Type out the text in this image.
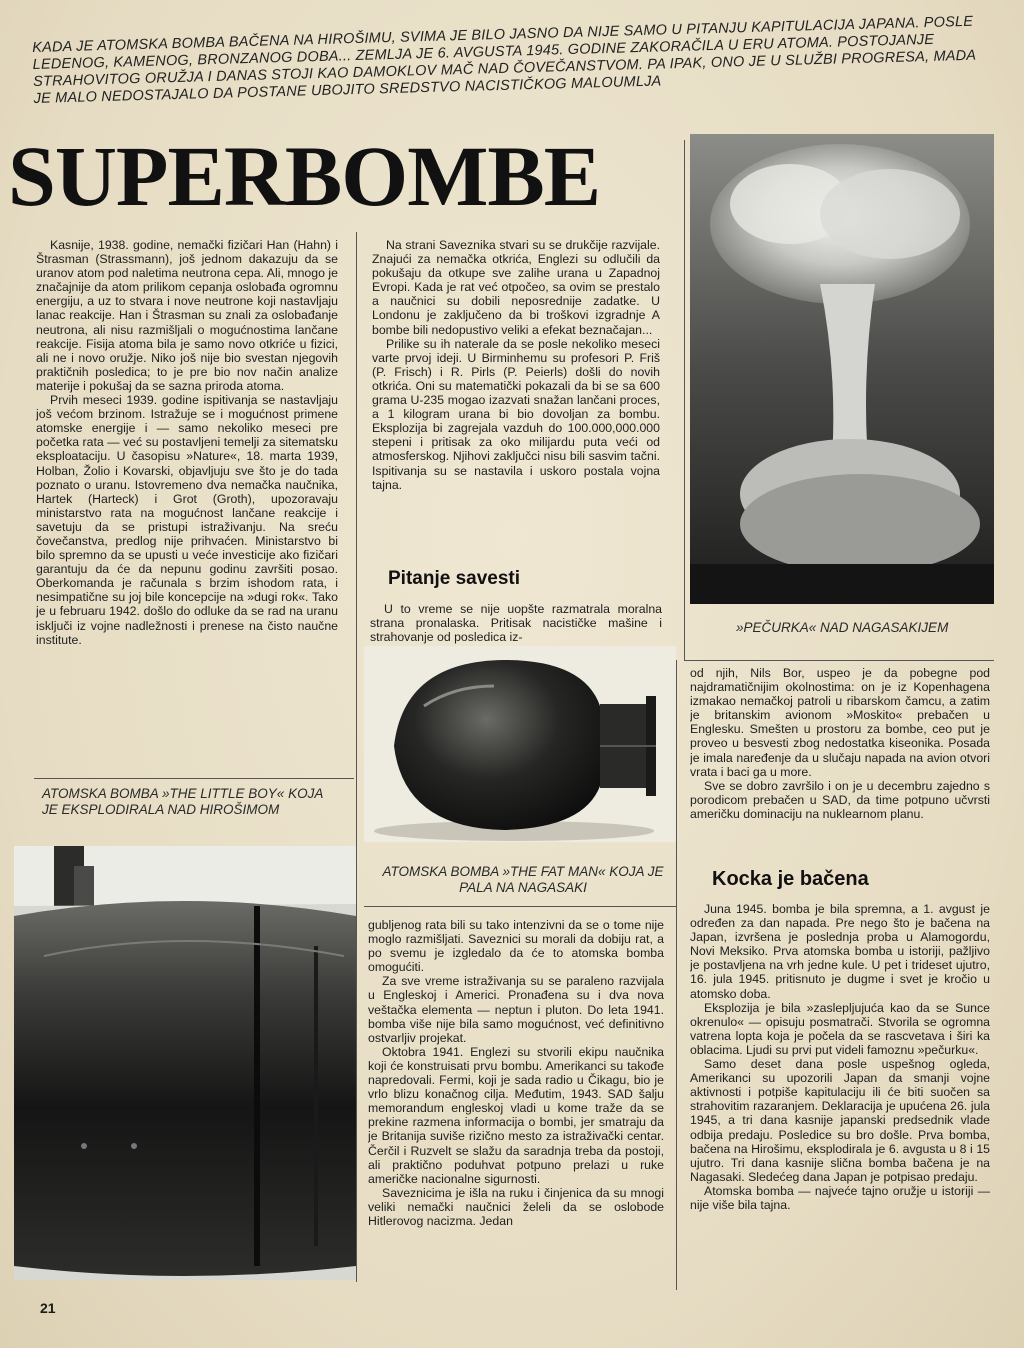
KADA JE ATOMSKA BOMBA BAČENA NA HIROŠIMU, SVIMA JE BILO JASNO DA NIJE SAMO U PITANJU KAPITULACIJA JAPANA. POSLE LEDENOG, KAMENOG, BRONZANOG DOBA... ZEMLJA JE 6. AVGUSTA 1945. GODINE ZAKORAČILA U ERU ATOMA. POSTOJANJE STRAHOVITOG ORUŽJA I DANAS STOJI KAO DAMOKLOV MAČ NAD ČOVEČANSTVOM. PA IPAK, ONO JE U SLUŽBI PROGRESA, MADA JE MALO NEDOSTAJALO DA POSTANE UBOJITO SREDSTVO NACISTIČKOG MALOUMLJA
SUPERBOMBE

Kasnije, 1938. godine, nemački fizičari Han (Hahn) i Štrasman (Strassmann), još jednom dakazuju da se uranov atom pod naletima neutrona cepa. Ali, mnogo je značajnije da atom prilikom cepanja oslobađa ogromnu energiju, a uz to stvara i nove neutrone koji nastavljaju lanac reakcije. Han i Štrasman su znali za oslobađanje neutrona, ali nisu razmišljali o mogućnostima lančane reakcije. Fisija atoma bila je samo novo otkriće u fizici, ali ne i novo oružje. Niko još nije bio svestan njegovih praktičnih posledica; to je pre bio nov način analize materije i pokušaj da se sazna priroda atoma.

Prvih meseci 1939. godine ispitivanja se nastavljaju još većom brzinom. Istražuje se i mogućnost primene atomske energije i — samo nekoliko meseci pre početka rata — već su postavljeni temelji za sitematsku eksploataciju. U časopisu »Nature«, 18. marta 1939, Holban, Žolio i Kovarski, objavljuju sve što je do tada poznato o uranu. Istovremeno dva nemačka naučnika, Hartek (Harteck) i Grot (Groth), upozoravaju ministarstvo rata na mogućnost lančane reakcije i savetuju da se pristupi istraživanju. Na sreću čovečanstva, predlog nije prihvaćen. Ministarstvo bi bilo spremno da se upusti u veće investicije ako fizičari garantuju da će da nepunu godinu završiti posao. Oberkomanda je računala s brzim ishodom rata, i nesimpatične su joj bile koncepcije na »dugi rok«. Tako je u februaru 1942. došlo do odluke da se rad na uranu isključi iz vojne nadležnosti i prenese na čisto naučne institute.

ATOMSKA BOMBA »THE LITTLE BOY« KOJA JE EKSPLODIRALA NAD HIROŠIMOM

Na strani Saveznika stvari su se drukčije razvijale. Znajući za nemačka otkrića, Englezi su odlučili da pokušaju da otkupe sve zalihe urana u Zapadnoj Evropi. Kada je rat već otpočeo, sa ovim se prestalo a naučnici su dobili neposrednije zadatke. U Londonu je zaključeno da bi troškovi izgradnje A bombe bili nedopustivo veliki a efekat beznačajan...

Prilike su ih naterale da se posle nekoliko meseci varte prvoj ideji. U Birminhemu su profesori P. Friš (P. Frisch) i R. Pirls (P. Peierls) došli do novih otkrića. Oni su matematički pokazali da bi se sa 600 grama U-235 mogao izazvati snažan lančani proces, a 1 kilogram urana bi bio dovoljan za bombu. Eksplozija bi zagrejala vazduh do 100.000,000.000 stepeni i pritisak za oko milijardu puta veći od atmosferskog. Njihovi zaključci nisu bili sasvim tačni. Ispitivanja su se nastavila i uskoro postala vojna tajna.

Pitanje savesti

U to vreme se nije uopšte razmatrala moralna strana pronalaska. Pritisak nacističke mašine i strahovanje od posledica iz-

ATOMSKA BOMBA »THE FAT MAN« KOJA JE PALA NA NAGASAKI

gubljenog rata bili su tako intenzivni da se o tome nije moglo razmišljati. Saveznici su morali da dobiju rat, a po svemu je izgledalo da će to atomska bomba omogućiti.

Za sve vreme istraživanja su se paraleno razvijala u Engleskoj i Americi. Pronađena su i dva nova veštačka elementa — neptun i pluton. Do leta 1941. bomba više nije bila samo mogućnost, već definitivno ostvarljiv projekat.

Oktobra 1941. Englezi su stvorili ekipu naučnika koji će konstruisati prvu bombu. Amerikanci su takođe napredovali. Fermi, koji je sada radio u Čikagu, bio je vrlo blizu konačnog cilja. Međutim, 1943. SAD šalju memorandum engleskoj vladi u kome traže da se prekine razmena informacija o bombi, jer smatraju da je Britanija suviše rizično mesto za istraživački centar. Čerčil i Ruzvelt se slažu da saradnja treba da postoji, ali praktično poduhvat potpuno prelazi u ruke američke nacionalne sigurnosti.

Saveznicima je išla na ruku i činjenica da su mnogi veliki nemački naučnici želeli da se oslobode Hitlerovog nacizma. Jedan

»PEČURKA« NAD NAGASAKIJEM

od njih, Nils Bor, uspeo je da pobegne pod najdramatičnijim okolnostima: on je iz Kopenhagena izmakao nemačkoj patroli u ribarskom čamcu, a zatim je britanskim avionom »Moskito« prebačen u Englesku. Smešten u prostoru za bombe, ceo put je proveo u besvesti zbog nedostatka kiseonika. Posada je imala naređenje da u slučaju napada na avion otvori vrata i baci ga u more.

Sve se dobro završilo i on je u decembru zajedno s porodicom prebačen u SAD, da time potpuno učvrsti američku dominaciju na nuklearnom planu.

Kocka je bačena

Juna 1945. bomba je bila spremna, a 1. avgust je određen za dan napada. Pre nego što je bačena na Japan, izvršena je poslednja proba u Alamogordu, Novi Meksiko. Prva atomska bomba u istoriji, pažljivo je postavljena na vrh jedne kule. U pet i trideset ujutro, 16. jula 1945. pritisnuto je dugme i svet je kročio u atomsko doba.

Eksplozija je bila »zaslepljujuća kao da se Sunce okrenulo« — opisuju posmatrači. Stvorila se ogromna vatrena lopta koja je počela da se rascvetava i širi ka oblacima. Ljudi su prvi put videli famoznu »pečurku«.

Samo deset dana posle uspešnog ogleda, Amerikanci su upozorili Japan da smanji vojne aktivnosti i potpiše kapitulaciju ili će biti suočen sa strahovitim razaranjem. Deklaracija je upućena 26. jula 1945, a tri dana kasnije japanski predsednik vlade odbija predaju. Posledice su bro došle. Prva bomba, bačena na Hirošimu, eksplodirala je 6. avgusta u 8 i 15 ujutro. Tri dana kasnije slična bomba bačena je na Nagasaki. Sledećeg dana Japan je potpisao predaju.

Atomska bomba — najveće tajno oružje u istoriji — nije više bila tajna.

21
